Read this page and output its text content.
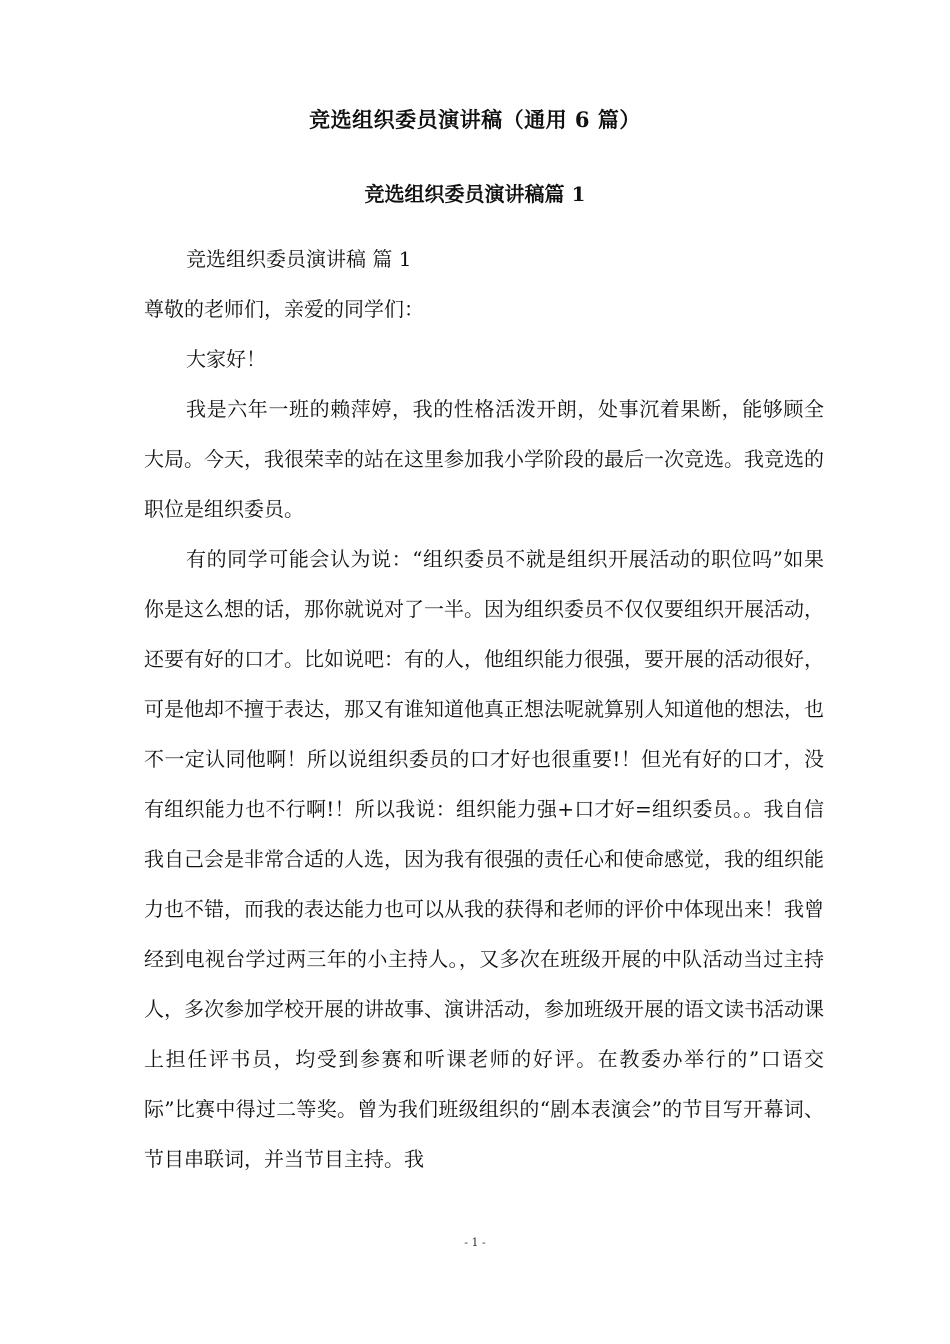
竞选组织委员演讲稿（通用 6 篇）
竞选组织委员演讲稿篇 1

竞选组织委员演讲稿 篇 1

尊敬的老师们，亲爱的同学们：

大家好！

我是六年一班的赖萍婷，我的性格活泼开朗，处事沉着果断，能够顾全大局。今天，我很荣幸的站在这里参加我小学阶段的最后一次竞选。我竞选的职位是组织委员。

有的同学可能会认为说：“组织委员不就是组织开展活动的职位吗”如果你是这么想的话，那你就说对了一半。因为组织委员不仅仅要组织开展活动，还要有好的口才。比如说吧：有的人，他组织能力很强，要开展的活动很好，可是他却不擅于表达，那又有谁知道他真正想法呢就算别人知道他的想法，也不一定认同他啊！所以说组织委员的口才好也很重要!！但光有好的口才，没有组织能力也不行啊!！所以我说：组织能力强+口才好=组织委员。。我自信我自己会是非常合适的人选，因为我有很强的责任心和使命感觉，我的组织能力也不错，而我的表达能力也可以从我的获得和老师的评价中体现出来！我曾经到电视台学过两三年的小主持人。，又多次在班级开展的中队活动当过主持人，多次参加学校开展的讲故事、演讲活动，参加班级开展的语文读书活动课上担任评书员，均受到参赛和听课老师的好评。在教委办举行的”口语交际”比赛中得过二等奖。曾为我们班级组织的“剧本表演会”的节目写开幕词、节目串联词，并当节目主持。我

- 1 -
